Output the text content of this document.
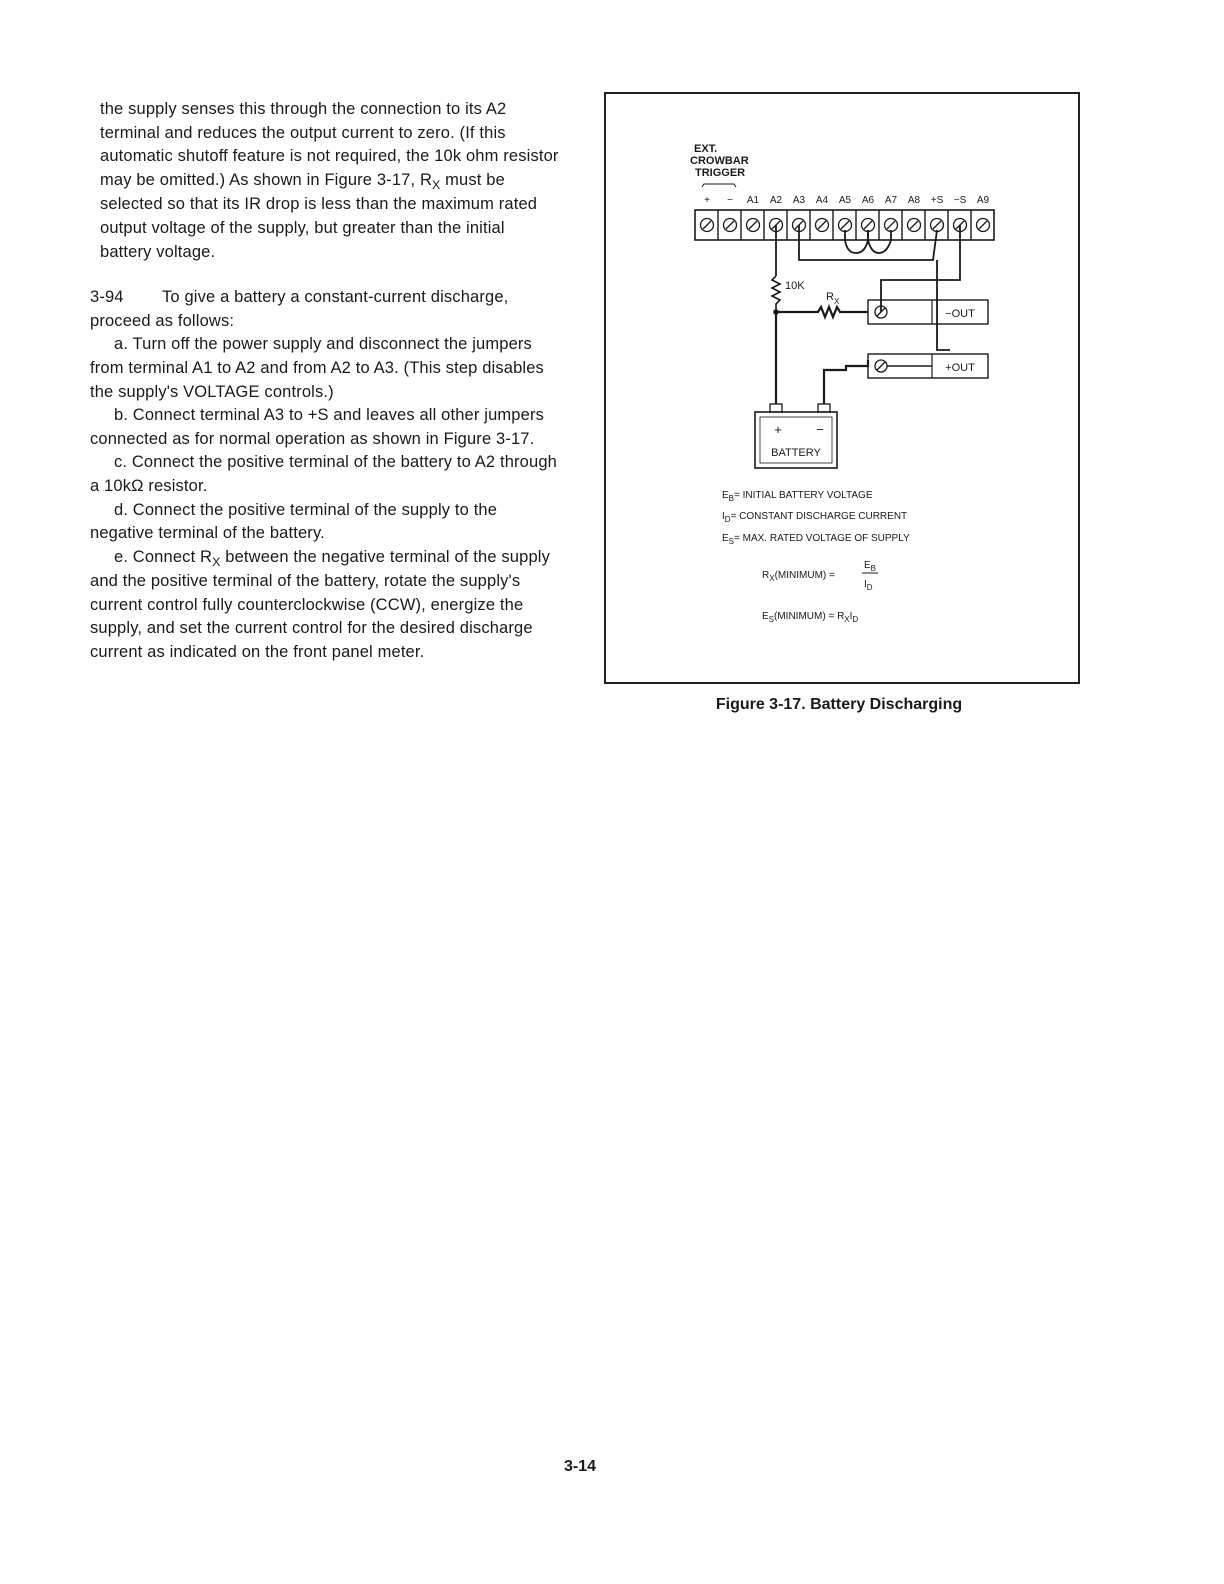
the supply senses this through the connection to its A2 terminal and reduces the output current to zero. (If this automatic shutoff feature is not required, the 10k ohm resistor may be omitted.) As shown in Figure 3-17, $R_X$ must be selected so that its IR drop is less than the maximum rated output voltage of the supply, but greater than the initial battery voltage.

3-94 To give a battery a constant-current discharge, proceed as follows:

a. Turn off the power supply and disconnect the jumpers from terminal A1 to A2 and from A2 to A3. (This step disables the supply's VOLTAGE controls.)

b. Connect terminal A3 to +S and leaves all other jumpers connected as for normal operation as shown in Figure 3-17.

c. Connect the positive terminal of the battery to A2 through a 10kΩ resistor.

d. Connect the positive terminal of the supply to the negative terminal of the battery.

e. Connect $R_X$ between the negative terminal of the supply and the positive terminal of the battery, rotate the supply's current control fully counterclockwise (CCW), energize the supply, and set the current control for the desired discharge current as indicated on the front panel meter.

EXT.
CROWBAR
TRIGGER
+ − A1 A2 A3 A4 A5 A6 A7 A8 +S −S A9
10K
$R_X$
−OUT
+OUT
+	−
BATTERY
$E_B=$ INITIAL BATTERY VOLTAGE
$I_D=$ CONSTANT DISCHARGE CURRENT
$E_S=$ MAX. RATED VOLTAGE OF SUPPLY
$R_X(MINIMUM)$ =
$E_B$
$I_D$
$E_S(MINIMUM) = R_XI_D$
Figure 3-17. Battery Discharging
3-14
